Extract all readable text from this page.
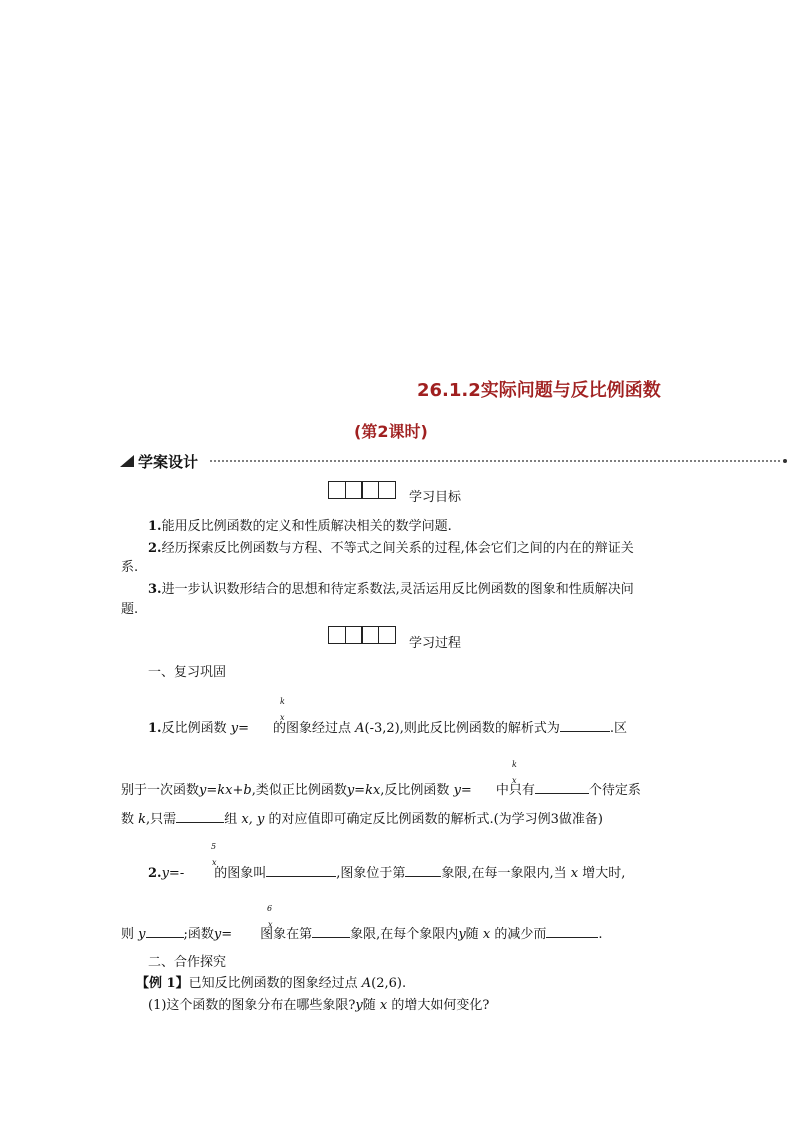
26.1.2实际问题与反比例函数
(第2课时)
学案设计
学习目标
1.能用反比例函数的定义和性质解决相关的数学问题.
2.经历探索反比例函数与方程、不等式之间关系的过程,体会它们之间的内在的辩证关
系.
3.进一步认识数形结合的思想和待定系数法,灵活运用反比例函数的图象和性质解决问
题.
学习过程
一、复习巩固
k
x
1.反比例函数 y= 的图象经过点 A(-3,2),则此反比例函数的解析式为	.区
k
x
别于一次函数y=kx+b,类似正比例函数y=kx,反比例函数 y= 中只有	个待定系
数 k,只需	组 x, y 的对应值即可确定反比例函数的解析式.(为学习例3做准备)
5
x
2.y=- 的图象叫	,图象位于第	象限,在每一象限内,当 x 增大时,
6
x
则 y	;函数y= 图象在第	象限,在每个象限内y随 x 的减少而	.
二、合作探究
【例 1】已知反比例函数的图象经过点 A(2,6).
(1)这个函数的图象分布在哪些象限?y随 x 的增大如何变化?
